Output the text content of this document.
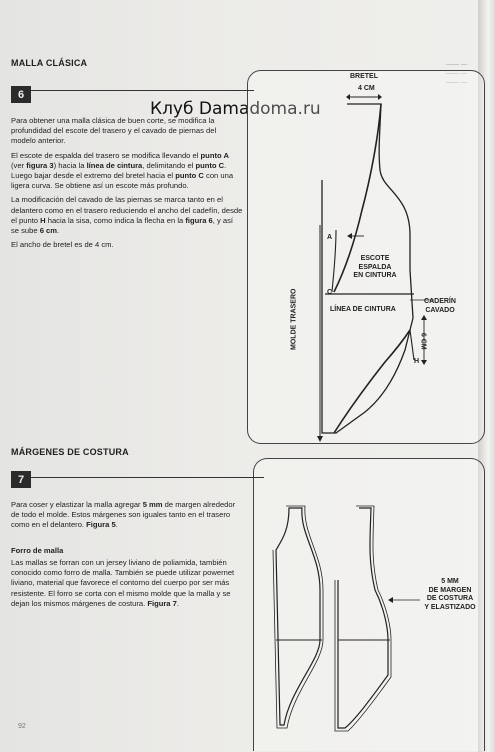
—— —
—— —
—— —
MALLA CLÁSICA
6
Клуб Damadoma.ru

Para obtener una malla clásica de buen corte, se modifica la profundidad del escote del trasero y el cavado de piernas del modelo anterior.

El escote de espalda del trasero se modifica llevando el punto A (ver figura 3) hacia la línea de cintura, delimitando el punto C. Luego bajar desde el extremo del bretel hacia el punto C con una ligera curva. Se obtiene así un escote más profundo.

La modificación del cavado de las piernas se marca tanto en el delantero como en el trasero reduciendo el ancho del cadefín, desde el punto H hacia la sisa, como indica la flecha en la figura 6, y así se sube 6 cm.

El ancho de bretel es de 4 cm.

BRETEL
4 CM
A
C
H
MOLDE TRASERO
ESCOTE
ESPALDA
EN CINTURA
LÍNEA DE CINTURA
CADERÍN
CAVADO
6 CM
MÁRGENES DE COSTURA
7

Para coser y elastizar la malla agregar 5 mm de margen alrededor de todo el molde. Estos márgenes son iguales tanto en el trasero como en el delantero. Figura 5.

Forro de malla

Las mallas se forran con un jersey liviano de poliamida, también conocido como forro de malla. También se puede utilizar powernet liviano, material que favorece el contorno del cuerpo por ser más resistente. El forro se corta con el mismo molde que la malla y se dejan los mismos márgenes de costura. Figura 7.

5 MM
DE MARGEN
DE COSTURA
Y ELASTIZADO
92
